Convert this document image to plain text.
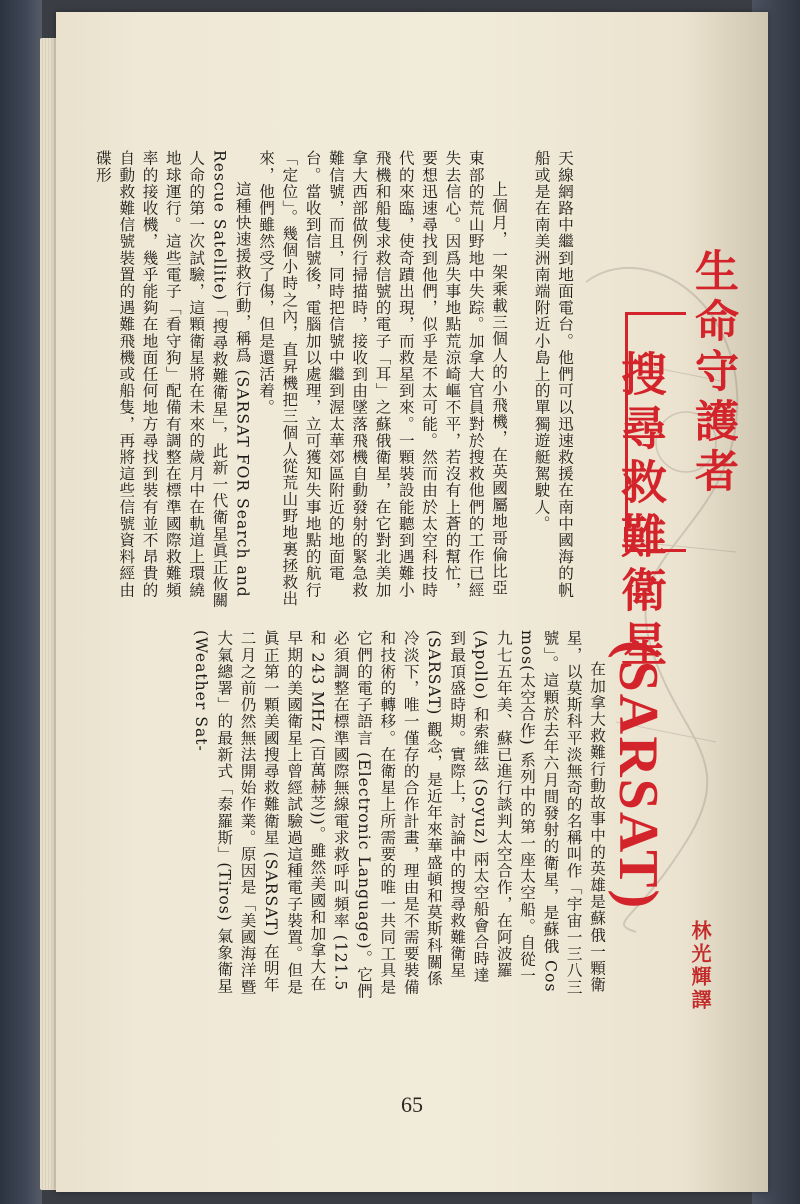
天線網路中繼到地面電台。他們可以迅速救援在南中國海的帆船或是在南美洲南端附近小島上的單獨遊艇駕駛人。
上個月，一架乘載三個人的小飛機，在英國屬地哥倫比亞東部的荒山野地中失踪。加拿大官員對於搜救他們的工作已經失去信心。因爲失事地點荒涼崎嶇不平，若沒有上蒼的幫忙，要想迅速尋找到他們，似乎是不太可能。然而由於太空科技時代的來臨，使奇蹟出現，而救星到來。一顆裝設能聽到遇難小飛機和船隻求救信號的電子「耳」之蘇俄衛星，在它對北美加拿大西部做例行掃描時，接收到由墜落飛機自動發射的緊急救難信號，而且，同時把信號中繼到渥太華郊區附近的地面電台。當收到信號後，電腦加以處理，立可獲知失事地點的航行「定位」。幾個小時之內，直昇機把三個人從荒山野地裏拯救出來，他們雖然受了傷，但是還活着。
這種快速援救行動，稱爲 (SARSAT FOR Search and Rescue Satellite)「搜尋救難衛星」，此新一代衛星眞正攸關人命的第一次試驗，這顆衛星將在未來的歲月中在軌道上環繞地球運行。這些電子「看守狗」配備有調整在標準國際救難頻率的接收機，幾乎能夠在地面任何地方尋找到裝有並不昂貴的自動救難信號裝置的遇難飛機或船隻，再將這些信號資料經由碟形
在加拿大救難行動故事中的英雄是蘇俄一顆衛星，以莫斯科平淡無奇的名稱叫作「宇宙一三八三號」。這顆於去年六月間發射的衛星，是蘇俄 Cosmos(太空合作) 系列中的第一座太空船。自從一九七五年美、蘇已進行談判太空合作，在阿波羅 (Apollo) 和索維茲 (Soyuz) 兩太空船會合時達到最頂盛時期。實際上，討論中的搜尋救難衛星 (SARSAT) 觀念，是近年來華盛頓和莫斯科關係冷淡下，唯一僅存的合作計畫，理由是不需要裝備和技術的轉移。在衛星上所需要的唯一共同工具是它們的電子語言 (Electronic Language)。它們必須調整在標準國際無線電求救呼叫頻率 (121.5 和 243 MHz (百萬赫芝))。雖然美國和加拿大在早期的美國衛星上曾經試驗過這種電子裝置。但是眞正第一顆美國搜尋救難衛星 (SARSAT) 在明年二月之前仍然無法開始作業。原因是「美國海洋暨大氣總署」的最新式「泰羅斯」(Tiros) 氣象衛星 (Weather Sat-
生命守護者
搜尋救難衛星
(SARSAT)
林光輝譯
65
